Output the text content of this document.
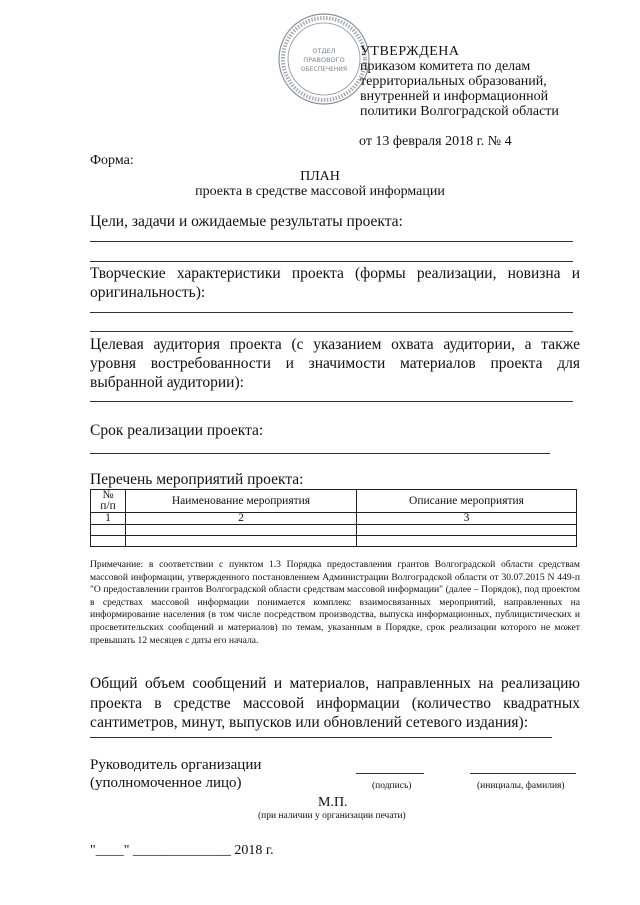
ОТДЕЛ
ПРАВОВОГО
ОБЕСПЕЧЕНИЯ
УТВЕРЖДЕНА
приказом комитета по делам
территориальных образований,
внутренней и информационной
политики Волгоградской области
от 13 февраля 2018 г. № 4
Форма:
ПЛАН
проекта в средстве массовой информации
Цели, задачи и ожидаемые результаты проекта:
Творческие характеристики проекта (формы реализации, новизна и оригинальность):
Целевая аудитория проекта (с указанием охвата аудитории, а также уровня востребованности и значимости материалов проекта для выбранной аудитории):
Срок реализации проекта:
Перечень мероприятий проекта:
№
п/п	Наименование мероприятия	Описание мероприятия
1	2	3

Примечание: в соответствии с пунктом 1.3 Порядка предоставления грантов Волгоградской области средствам массовой информации, утвержденного постановлением Администрации Волгоградской области от 30.07.2015 N 449-п "О предоставлении грантов Волгоградской области средствам массовой информации" (далее – Порядок), под проектом в средствах массовой информации понимается комплекс взаимосвязанных мероприятий, направленных на информирование населения (в том числе посредством производства, выпуска информационных, публицистических и просветительских сообщений и материалов) по темам, указанным в Порядке, срок реализации которого не может превышать 12 месяцев с даты его начала.
Общий объем сообщений и материалов, направленных на реализацию проекта в средстве массовой информации (количество квадратных сантиметров, минут, выпусков или обновлений сетевого издания):
Руководитель организации
(уполномоченное лицо)	(подпись)	(инициалы, фамилия)
М.П.
(при наличии у организации печати)
"____" ______________ 2018 г.
